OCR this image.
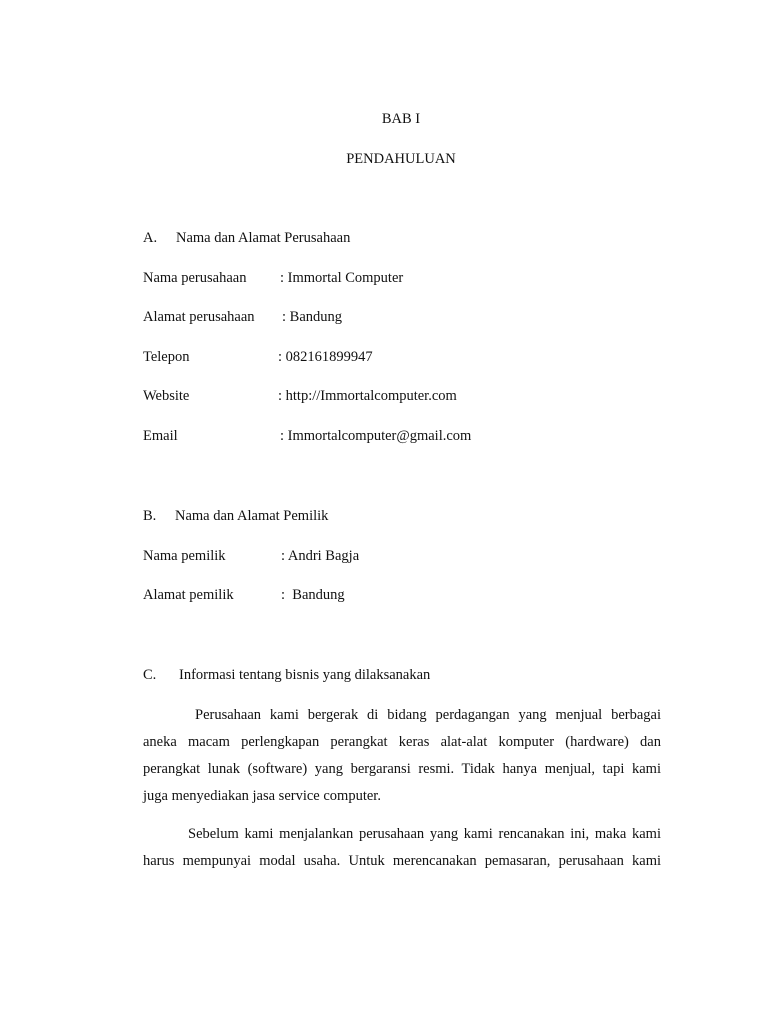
BAB I
PENDAHULUAN
A. Nama dan Alamat Perusahaan
Nama perusahaan : Immortal Computer
Alamat perusahaan : Bandung
Telepon	: 082161899947
Website	: http://Immortalcomputer.com
Email	: Immortalcomputer@gmail.com
B. Nama dan Alamat Pemilik
Nama pemilik	: Andri Bagja
Alamat pemilik	:  Bandung
C. Informasi tentang bisnis yang dilaksanakan
Perusahaan kami bergerak di bidang perdagangan yang menjual berbagai
aneka macam perlengkapan perangkat keras alat-alat komputer (hardware) dan
perangkat lunak (software) yang bergaransi resmi. Tidak hanya menjual, tapi kami
juga menyediakan jasa service computer.
Sebelum kami menjalankan perusahaan yang kami rencanakan ini, maka kami
harus mempunyai modal usaha. Untuk merencanakan pemasaran, perusahaan kami
